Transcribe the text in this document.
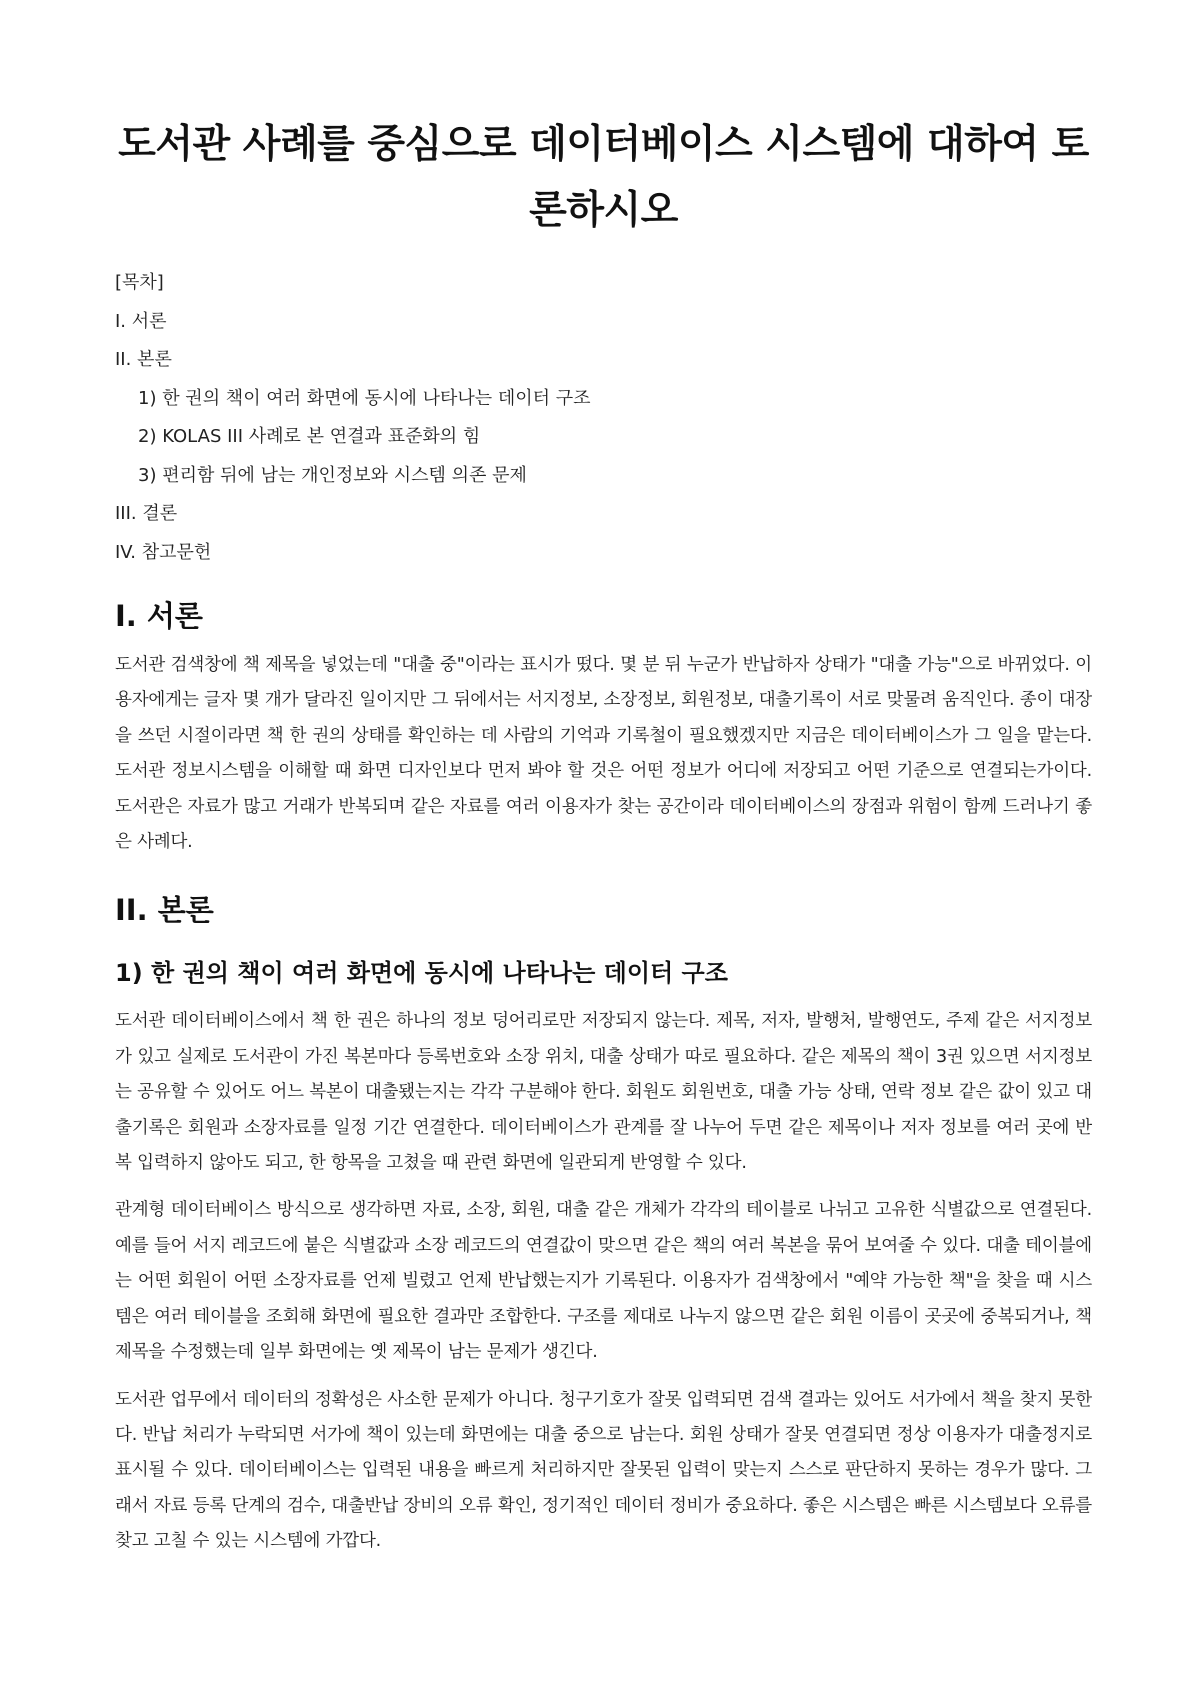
도서관 사례를 중심으로 데이터베이스 시스템에 대하여 토론하시오
[목차]
I. 서론
II. 본론
1) 한 권의 책이 여러 화면에 동시에 나타나는 데이터 구조
2) KOLAS III 사례로 본 연결과 표준화의 힘
3) 편리함 뒤에 남는 개인정보와 시스템 의존 문제
III. 결론
IV. 참고문헌
I. 서론

도서관 검색창에 책 제목을 넣었는데 "대출 중"이라는 표시가 떴다. 몇 분 뒤 누군가 반납하자 상태가 "대출 가능"으로 바뀌었다. 이용자에게는 글자 몇 개가 달라진 일이지만 그 뒤에서는 서지정보, 소장정보, 회원정보, 대출기록이 서로 맞물려 움직인다. 종이 대장을 쓰던 시절이라면 책 한 권의 상태를 확인하는 데 사람의 기억과 기록철이 필요했겠지만 지금은 데이터베이스가 그 일을 맡는다. 도서관 정보시스템을 이해할 때 화면 디자인보다 먼저 봐야 할 것은 어떤 정보가 어디에 저장되고 어떤 기준으로 연결되는가이다. 도서관은 자료가 많고 거래가 반복되며 같은 자료를 여러 이용자가 찾는 공간이라 데이터베이스의 장점과 위험이 함께 드러나기 좋은 사례다.

II. 본론
1) 한 권의 책이 여러 화면에 동시에 나타나는 데이터 구조

도서관 데이터베이스에서 책 한 권은 하나의 정보 덩어리로만 저장되지 않는다. 제목, 저자, 발행처, 발행연도, 주제 같은 서지정보가 있고 실제로 도서관이 가진 복본마다 등록번호와 소장 위치, 대출 상태가 따로 필요하다. 같은 제목의 책이 3권 있으면 서지정보는 공유할 수 있어도 어느 복본이 대출됐는지는 각각 구분해야 한다. 회원도 회원번호, 대출 가능 상태, 연락 정보 같은 값이 있고 대출기록은 회원과 소장자료를 일정 기간 연결한다. 데이터베이스가 관계를 잘 나누어 두면 같은 제목이나 저자 정보를 여러 곳에 반복 입력하지 않아도 되고, 한 항목을 고쳤을 때 관련 화면에 일관되게 반영할 수 있다.

관계형 데이터베이스 방식으로 생각하면 자료, 소장, 회원, 대출 같은 개체가 각각의 테이블로 나뉘고 고유한 식별값으로 연결된다. 예를 들어 서지 레코드에 붙은 식별값과 소장 레코드의 연결값이 맞으면 같은 책의 여러 복본을 묶어 보여줄 수 있다. 대출 테이블에는 어떤 회원이 어떤 소장자료를 언제 빌렸고 언제 반납했는지가 기록된다. 이용자가 검색창에서 "예약 가능한 책"을 찾을 때 시스템은 여러 테이블을 조회해 화면에 필요한 결과만 조합한다. 구조를 제대로 나누지 않으면 같은 회원 이름이 곳곳에 중복되거나, 책 제목을 수정했는데 일부 화면에는 옛 제목이 남는 문제가 생긴다.

도서관 업무에서 데이터의 정확성은 사소한 문제가 아니다. 청구기호가 잘못 입력되면 검색 결과는 있어도 서가에서 책을 찾지 못한다. 반납 처리가 누락되면 서가에 책이 있는데 화면에는 대출 중으로 남는다. 회원 상태가 잘못 연결되면 정상 이용자가 대출정지로 표시될 수 있다. 데이터베이스는 입력된 내용을 빠르게 처리하지만 잘못된 입력이 맞는지 스스로 판단하지 못하는 경우가 많다. 그래서 자료 등록 단계의 검수, 대출반납 장비의 오류 확인, 정기적인 데이터 정비가 중요하다. 좋은 시스템은 빠른 시스템보다 오류를 찾고 고칠 수 있는 시스템에 가깝다.
